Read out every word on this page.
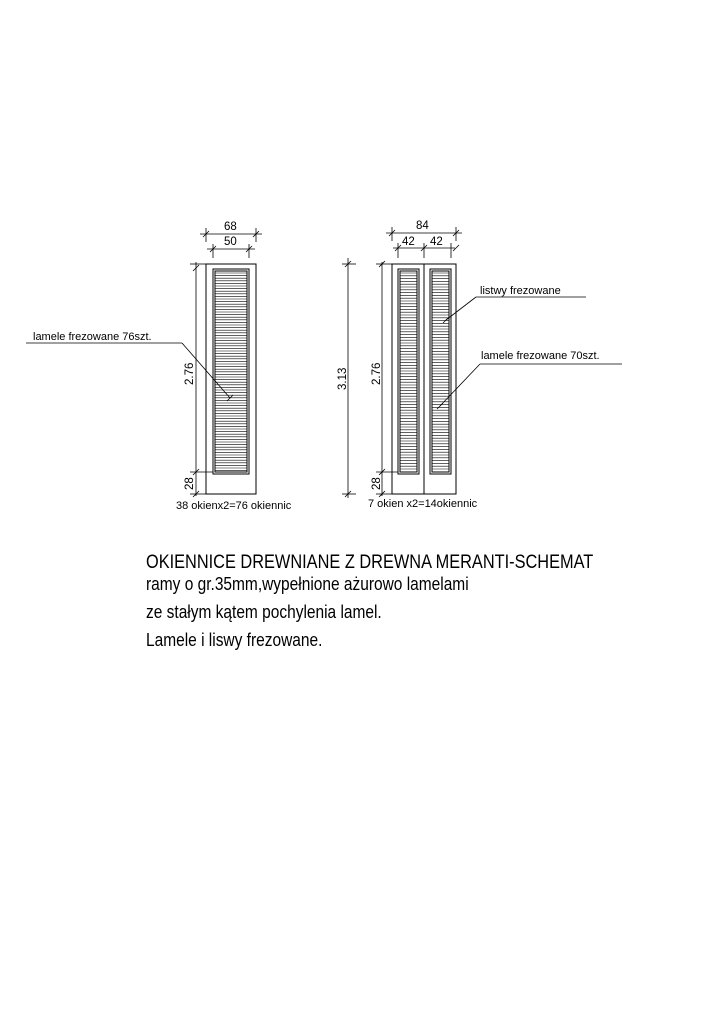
68
50
2.76
28
lamele frezowane 76szt.
38 okienx2=76 okiennic
84
42 42
3.13 2.76
28
listwy frezowane
lamele frezowane 70szt.
7 okien x2=14okiennic
OKIENNICE DREWNIANE Z DREWNA MERANTI-SCHEMAT
ramy o gr.35mm,wypełnione ażurowo lamelami
ze stałym kątem pochylenia lamel.
Lamele i liswy frezowane.
